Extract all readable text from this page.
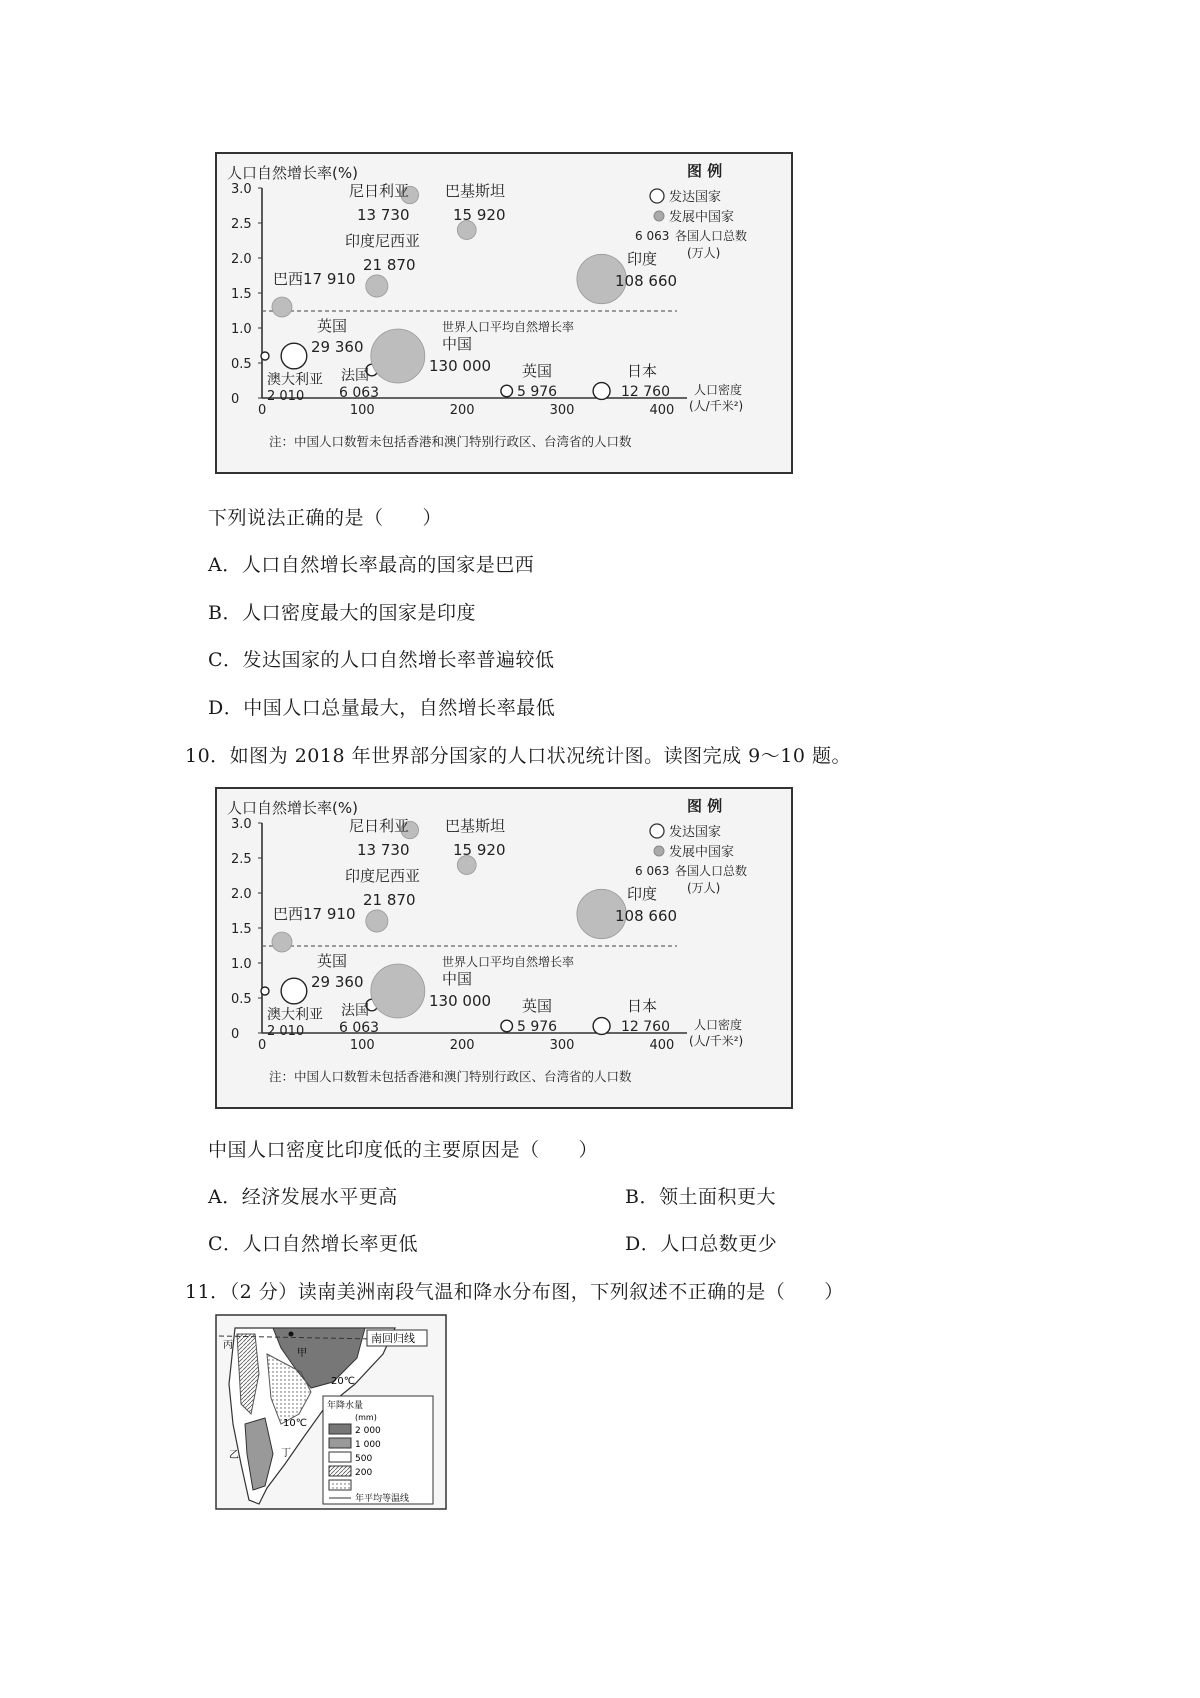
人口自然增长率(%)
3.0
2.5
2.0
1.5
1.0
0.5
0
0	100	200	300	400
世界人口平均自然增长率
尼日利亚
13 730
巴基斯坦
15 920
印度尼西亚
21 870
巴西17 910
印度
108 660
英国
29 360	中国
130 000
澳大利亚
2 010
法国
6 063
英国
5 976
日本
12 760 人口密度
(人/千米²)
图 例
发达国家
发展中国家
6 063 各国人口总数
(万人)
注：中国人口数暂未包括香港和澳门特别行政区、台湾省的人口数
下列说法正确的是（　　）
A．人口自然增长率最高的国家是巴西
B．人口密度最大的国家是印度
C．发达国家的人口自然增长率普遍较低
D．中国人口总量最大，自然增长率最低
10．如图为 2018 年世界部分国家的人口状况统计图。读图完成 9～10 题。
人口自然增长率(%)
3.0
2.5
2.0
1.5
1.0
0.5
0
0	100	200	300	400
世界人口平均自然增长率
尼日利亚
13 730
巴基斯坦
15 920
印度尼西亚
21 870
巴西17 910
印度
108 660
英国
29 360	中国
130 000
澳大利亚
2 010
法国
6 063
英国
5 976
日本
12 760 人口密度
(人/千米²)
图 例
发达国家
发展中国家
6 063 各国人口总数
(万人)
注：中国人口数暂未包括香港和澳门特别行政区、台湾省的人口数
中国人口密度比印度低的主要原因是（　　）
A．经济发展水平更高	B．领土面积更大
C．人口自然增长率更低	D．人口总数更少
11．（2 分）读南美洲南段气温和降水分布图，下列叙述不正确的是（　　）
南回归线
20℃
10℃
甲
丙
乙	丁
年降水量
(mm)
2 000
1 000
500
200
年平均等温线
